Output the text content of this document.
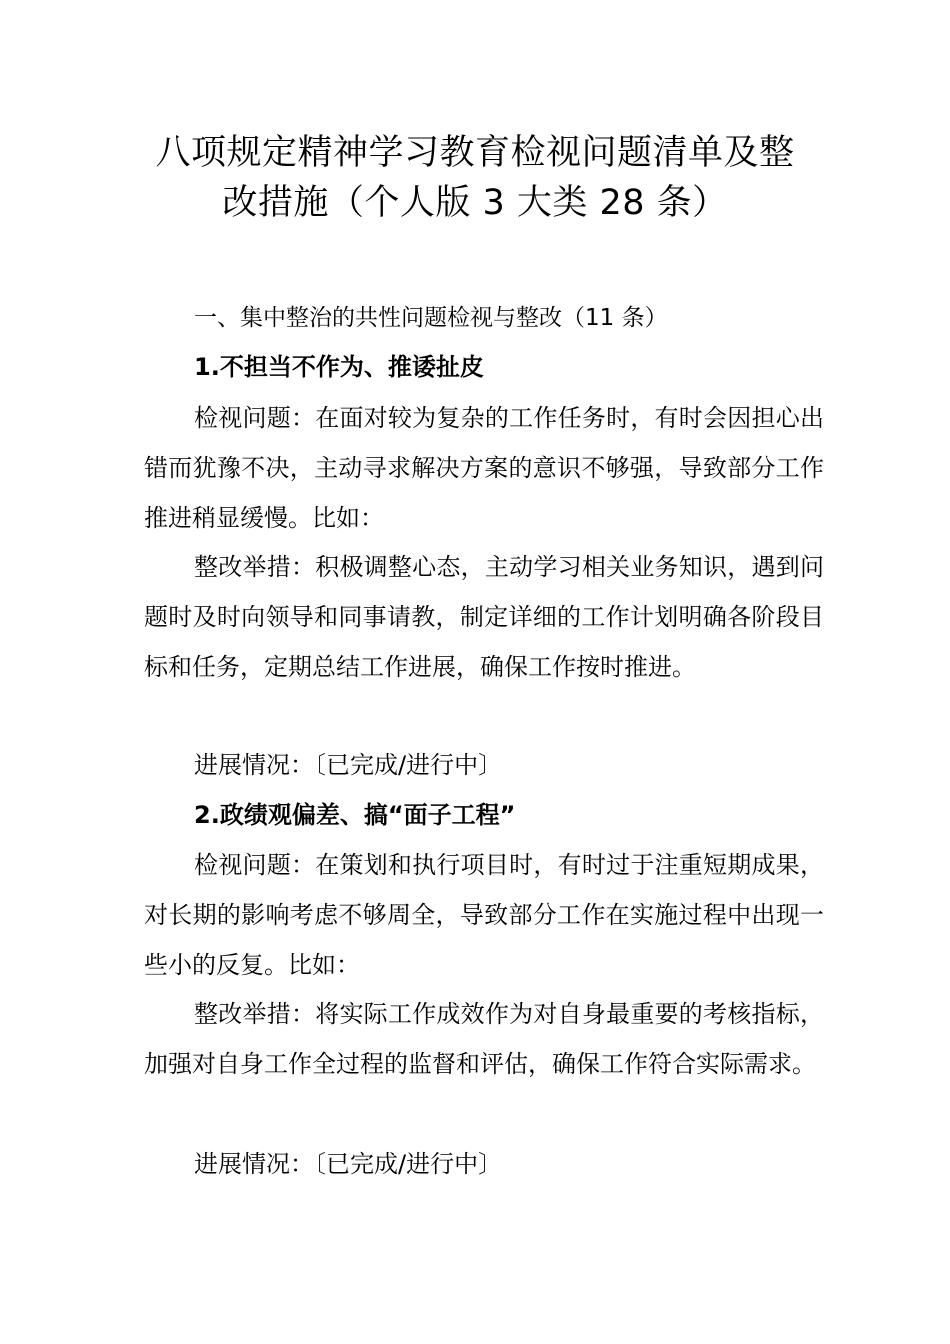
八项规定精神学习教育检视问题清单及整
改措施（个人版 3 大类 28 条）
一、集中整治的共性问题检视与整改（11 条）
1.不担当不作为、推诿扯皮
检视问题：在面对较为复杂的工作任务时，有时会因担心出错而犹豫不决，主动寻求解决方案的意识不够强，导致部分工作推进稍显缓慢。比如：
整改举措：积极调整心态，主动学习相关业务知识，遇到问题时及时向领导和同事请教，制定详细的工作计划明确各阶段目标和任务，定期总结工作进展，确保工作按时推进。
进展情况：〔已完成/进行中〕
2.政绩观偏差、搞“面子工程”
检视问题：在策划和执行项目时，有时过于注重短期成果，对长期的影响考虑不够周全，导致部分工作在实施过程中出现一些小的反复。比如：
整改举措：将实际工作成效作为对自身最重要的考核指标，加强对自身工作全过程的监督和评估，确保工作符合实际需求。
进展情况：〔已完成/进行中〕
